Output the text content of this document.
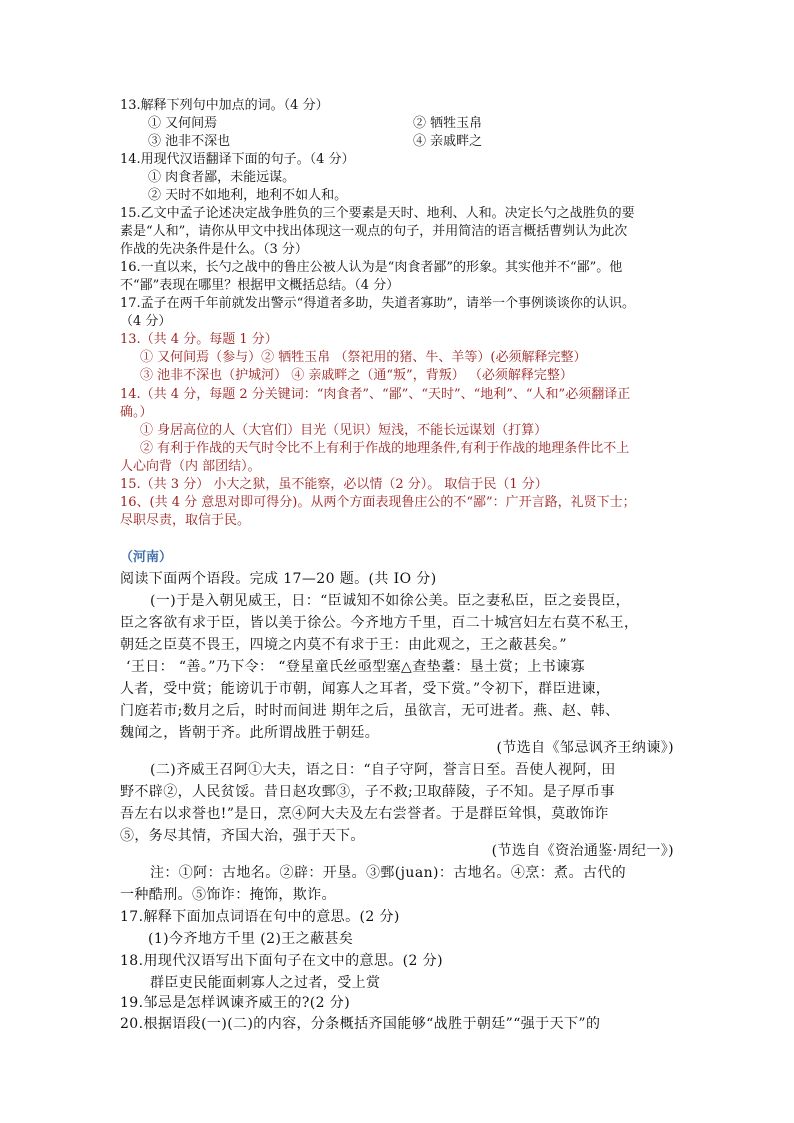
13.解释下列句中加点的词。（4 分）
① 又何间焉	② 牺牲玉帛
③ 池非不深也	④ 亲戚畔之
14.用现代汉语翻译下面的句子。（4 分）
① 肉食者鄙，未能远谋。
② 天时不如地利，地利不如人和。
15.乙文中孟子论述决定战争胜负的三个要素是天时、地利、人和。决定长勺之战胜负的要
素是“人和”，请你从甲文中找出体现这一观点的句子，并用简洁的语言概括曹刿认为此次
作战的先决条件是什么。（3 分）
16.一直以来，长勺之战中的鲁庄公被人认为是“肉食者鄙”的形象。其实他并不“鄙”。他
不“鄙”表现在哪里？根据甲文概括总结。（4 分）
17.孟子在两千年前就发出警示“得道者多助，失道者寡助”，请举一个事例谈谈你的认识。
（4 分）
13.（共 4 分。每题 1 分）
① 又何间焉（参与）② 牺牲玉帛 （祭祀用的猪、牛、羊等）(必须解释完整）
③ 池非不深也（护城河） ④ 亲戚畔之（通“叛”，背叛） （必须解释完整）
14.（共 4 分，每题 2 分关键词：“肉食者”、“鄙”、“天时”、“地利”、“人和”必须翻译正
确。）
① 身居高位的人（大官们）目光（见识）短浅，不能长远谋划（打算）
② 有利于作战的天气时令比不上有利于作战的地理条件,有利于作战的地理条件比不上
人心向背（内 部团结）。
15.（共 3 分） 小大之狱，虽不能察，必以情（2 分）。 取信于民（1 分）
16、(共 4 分 意思对即可得分)。从两个方面表现鲁庄公的不“鄙”：广开言路，礼贤下士；
尽职尽责，取信于民。
（河南）
阅读下面两个语段。完成 17—20 题。(共 IO 分)
(一)于是入朝见威王，日：“臣诚知不如徐公美。臣之妻私臣，臣之妾畏臣，
臣之客欲有求于臣，皆以美于徐公。今齐地方千里，百二十城宫妇左右莫不私王，
朝廷之臣莫不畏王，四境之内莫不有求于王：由此观之，王之蔽甚矣。”
‘王日： “善。”乃下令： “登星童氏丝亟型塞△查垫耋：垦土赏；上书谏寡
人者，受中赏；能谤讥于市朝，闻寡人之耳者，受下赏。”令初下，群臣进谏，
门庭若市;数月之后，时时而间进 期年之后，虽欲言，无可进者。燕、赵、韩、
魏闻之，皆朝于齐。此所谓战胜于朝廷。
(节选自《邹忌讽齐王纳谏》)
(二)齐威王召阿①大夫，语之日：“自子守阿，誉言日至。吾使人视阿，田
野不辟②，人民贫馁。昔日赵攻鄄③，子不救;卫取薛陵，子不知。是子厚币事
吾左右以求誉也!”是日，烹④阿大夫及左右尝誉者。于是群臣耸惧，莫敢饰诈
⑤，务尽其情，齐国大治，强于天下。
(节选自《资治通鉴·周纪一》)
注：①阿：古地名。②辟：开垦。③鄄(juan)：古地名。④烹：煮。古代的
一种酷刑。⑤饰诈：掩饰，欺诈。
17.解释下面加点词语在句中的意思。(2 分)
(1)今齐地方千里 (2)王之蔽甚矣
18.用现代汉语写出下面句子在文中的意思。(2 分)
群臣吏民能面刺寡人之过者，受上赏
19.邹忌是怎样讽谏齐威王的?(2 分)
20.根据语段(一)(二)的内容，分条概括齐国能够“战胜于朝廷”“强于天下”的
